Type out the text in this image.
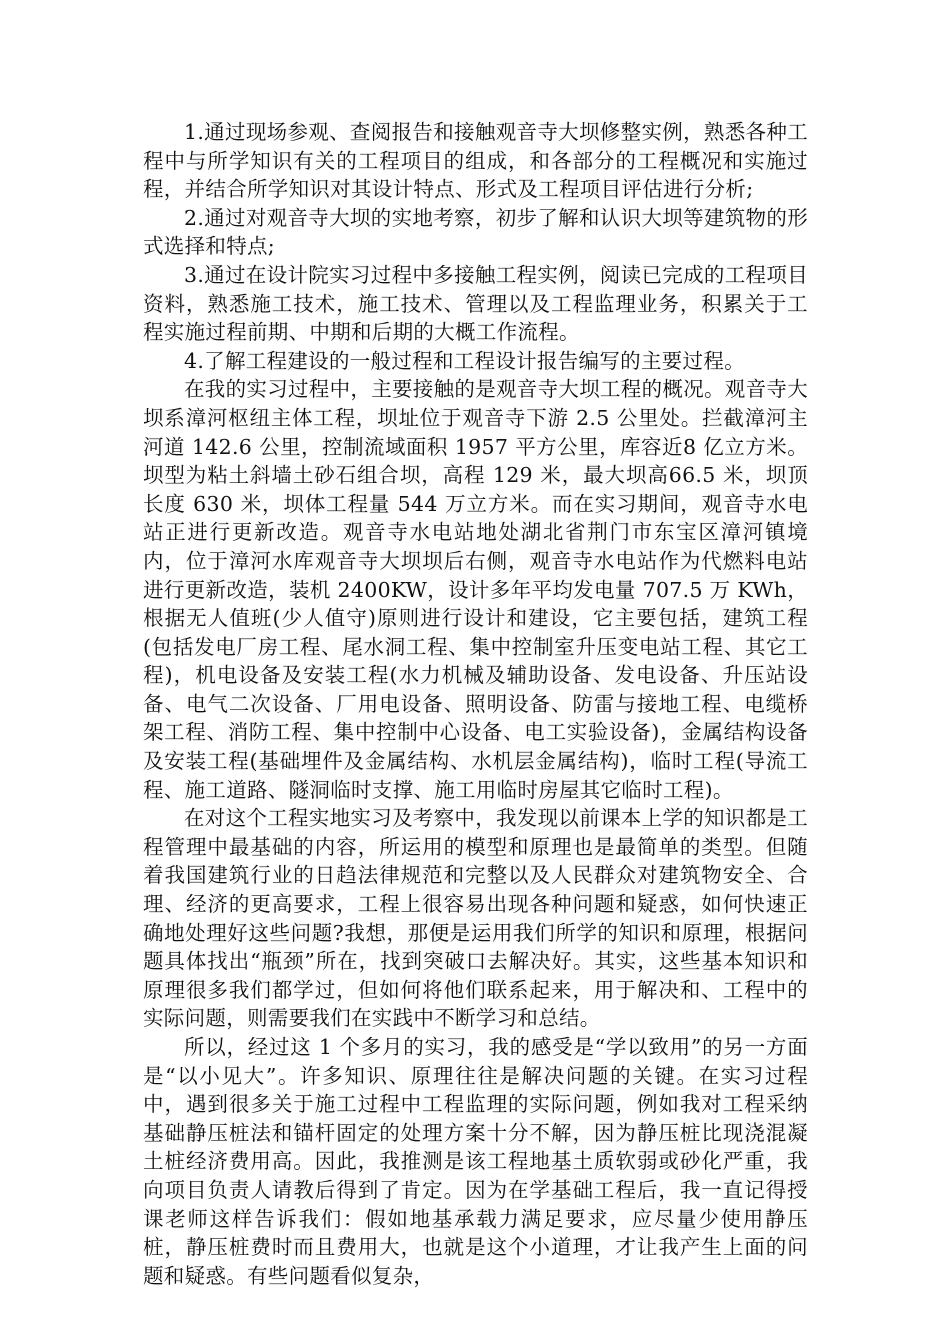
1.通过现场参观、查阅报告和接触观音寺大坝修整实例，熟悉各种工程中与所学知识有关的工程项目的组成，和各部分的工程概况和实施过程，并结合所学知识对其设计特点、形式及工程项目评估进行分析;

2.通过对观音寺大坝的实地考察，初步了解和认识大坝等建筑物的形式选择和特点;

3.通过在设计院实习过程中多接触工程实例，阅读已完成的工程项目资料，熟悉施工技术，施工技术、管理以及工程监理业务，积累关于工程实施过程前期、中期和后期的大概工作流程。

4.了解工程建设的一般过程和工程设计报告编写的主要过程。

在我的实习过程中，主要接触的是观音寺大坝工程的概况。观音寺大坝系漳河枢纽主体工程，坝址位于观音寺下游 2.5 公里处。拦截漳河主河道 142.6 公里，控制流域面积 1957 平方公里，库容近8 亿立方米。坝型为粘土斜墙土砂石组合坝，高程 129 米，最大坝高66.5 米，坝顶长度 630 米，坝体工程量 544 万立方米。而在实习期间，观音寺水电站正进行更新改造。观音寺水电站地处湖北省荆门市东宝区漳河镇境内，位于漳河水库观音寺大坝坝后右侧，观音寺水电站作为代燃料电站进行更新改造，装机 2400KW，设计多年平均发电量 707.5 万 KWh，根据无人值班(少人值守)原则进行设计和建设，它主要包括，建筑工程(包括发电厂房工程、尾水洞工程、集中控制室升压变电站工程、其它工程)，机电设备及安装工程(水力机械及辅助设备、发电设备、升压站设备、电气二次设备、厂用电设备、照明设备、防雷与接地工程、电缆桥架工程、消防工程、集中控制中心设备、电工实验设备)，金属结构设备及安装工程(基础埋件及金属结构、水机层金属结构)，临时工程(导流工程、施工道路、隧洞临时支撑、施工用临时房屋其它临时工程)。

在对这个工程实地实习及考察中，我发现以前课本上学的知识都是工程管理中最基础的内容，所运用的模型和原理也是最简单的类型。但随着我国建筑行业的日趋法律规范和完整以及人民群众对建筑物安全、合理、经济的更高要求，工程上很容易出现各种问题和疑惑，如何快速正确地处理好这些问题?我想，那便是运用我们所学的知识和原理，根据问题具体找出“瓶颈”所在，找到突破口去解决好。其实，这些基本知识和原理很多我们都学过，但如何将他们联系起来，用于解决和、工程中的实际问题，则需要我们在实践中不断学习和总结。

所以，经过这 1 个多月的实习，我的感受是“学以致用”的另一方面是“以小见大”。许多知识、原理往往是解决问题的关键。在实习过程中，遇到很多关于施工过程中工程监理的实际问题，例如我对工程采纳基础静压桩法和锚杆固定的处理方案十分不解，因为静压桩比现浇混凝土桩经济费用高。因此，我推测是该工程地基土质软弱或砂化严重，我向项目负责人请教后得到了肯定。因为在学基础工程后，我一直记得授课老师这样告诉我们：假如地基承载力满足要求，应尽量少使用静压桩，静压桩费时而且费用大，也就是这个小道理，才让我产生上面的问题和疑惑。有些问题看似复杂，
